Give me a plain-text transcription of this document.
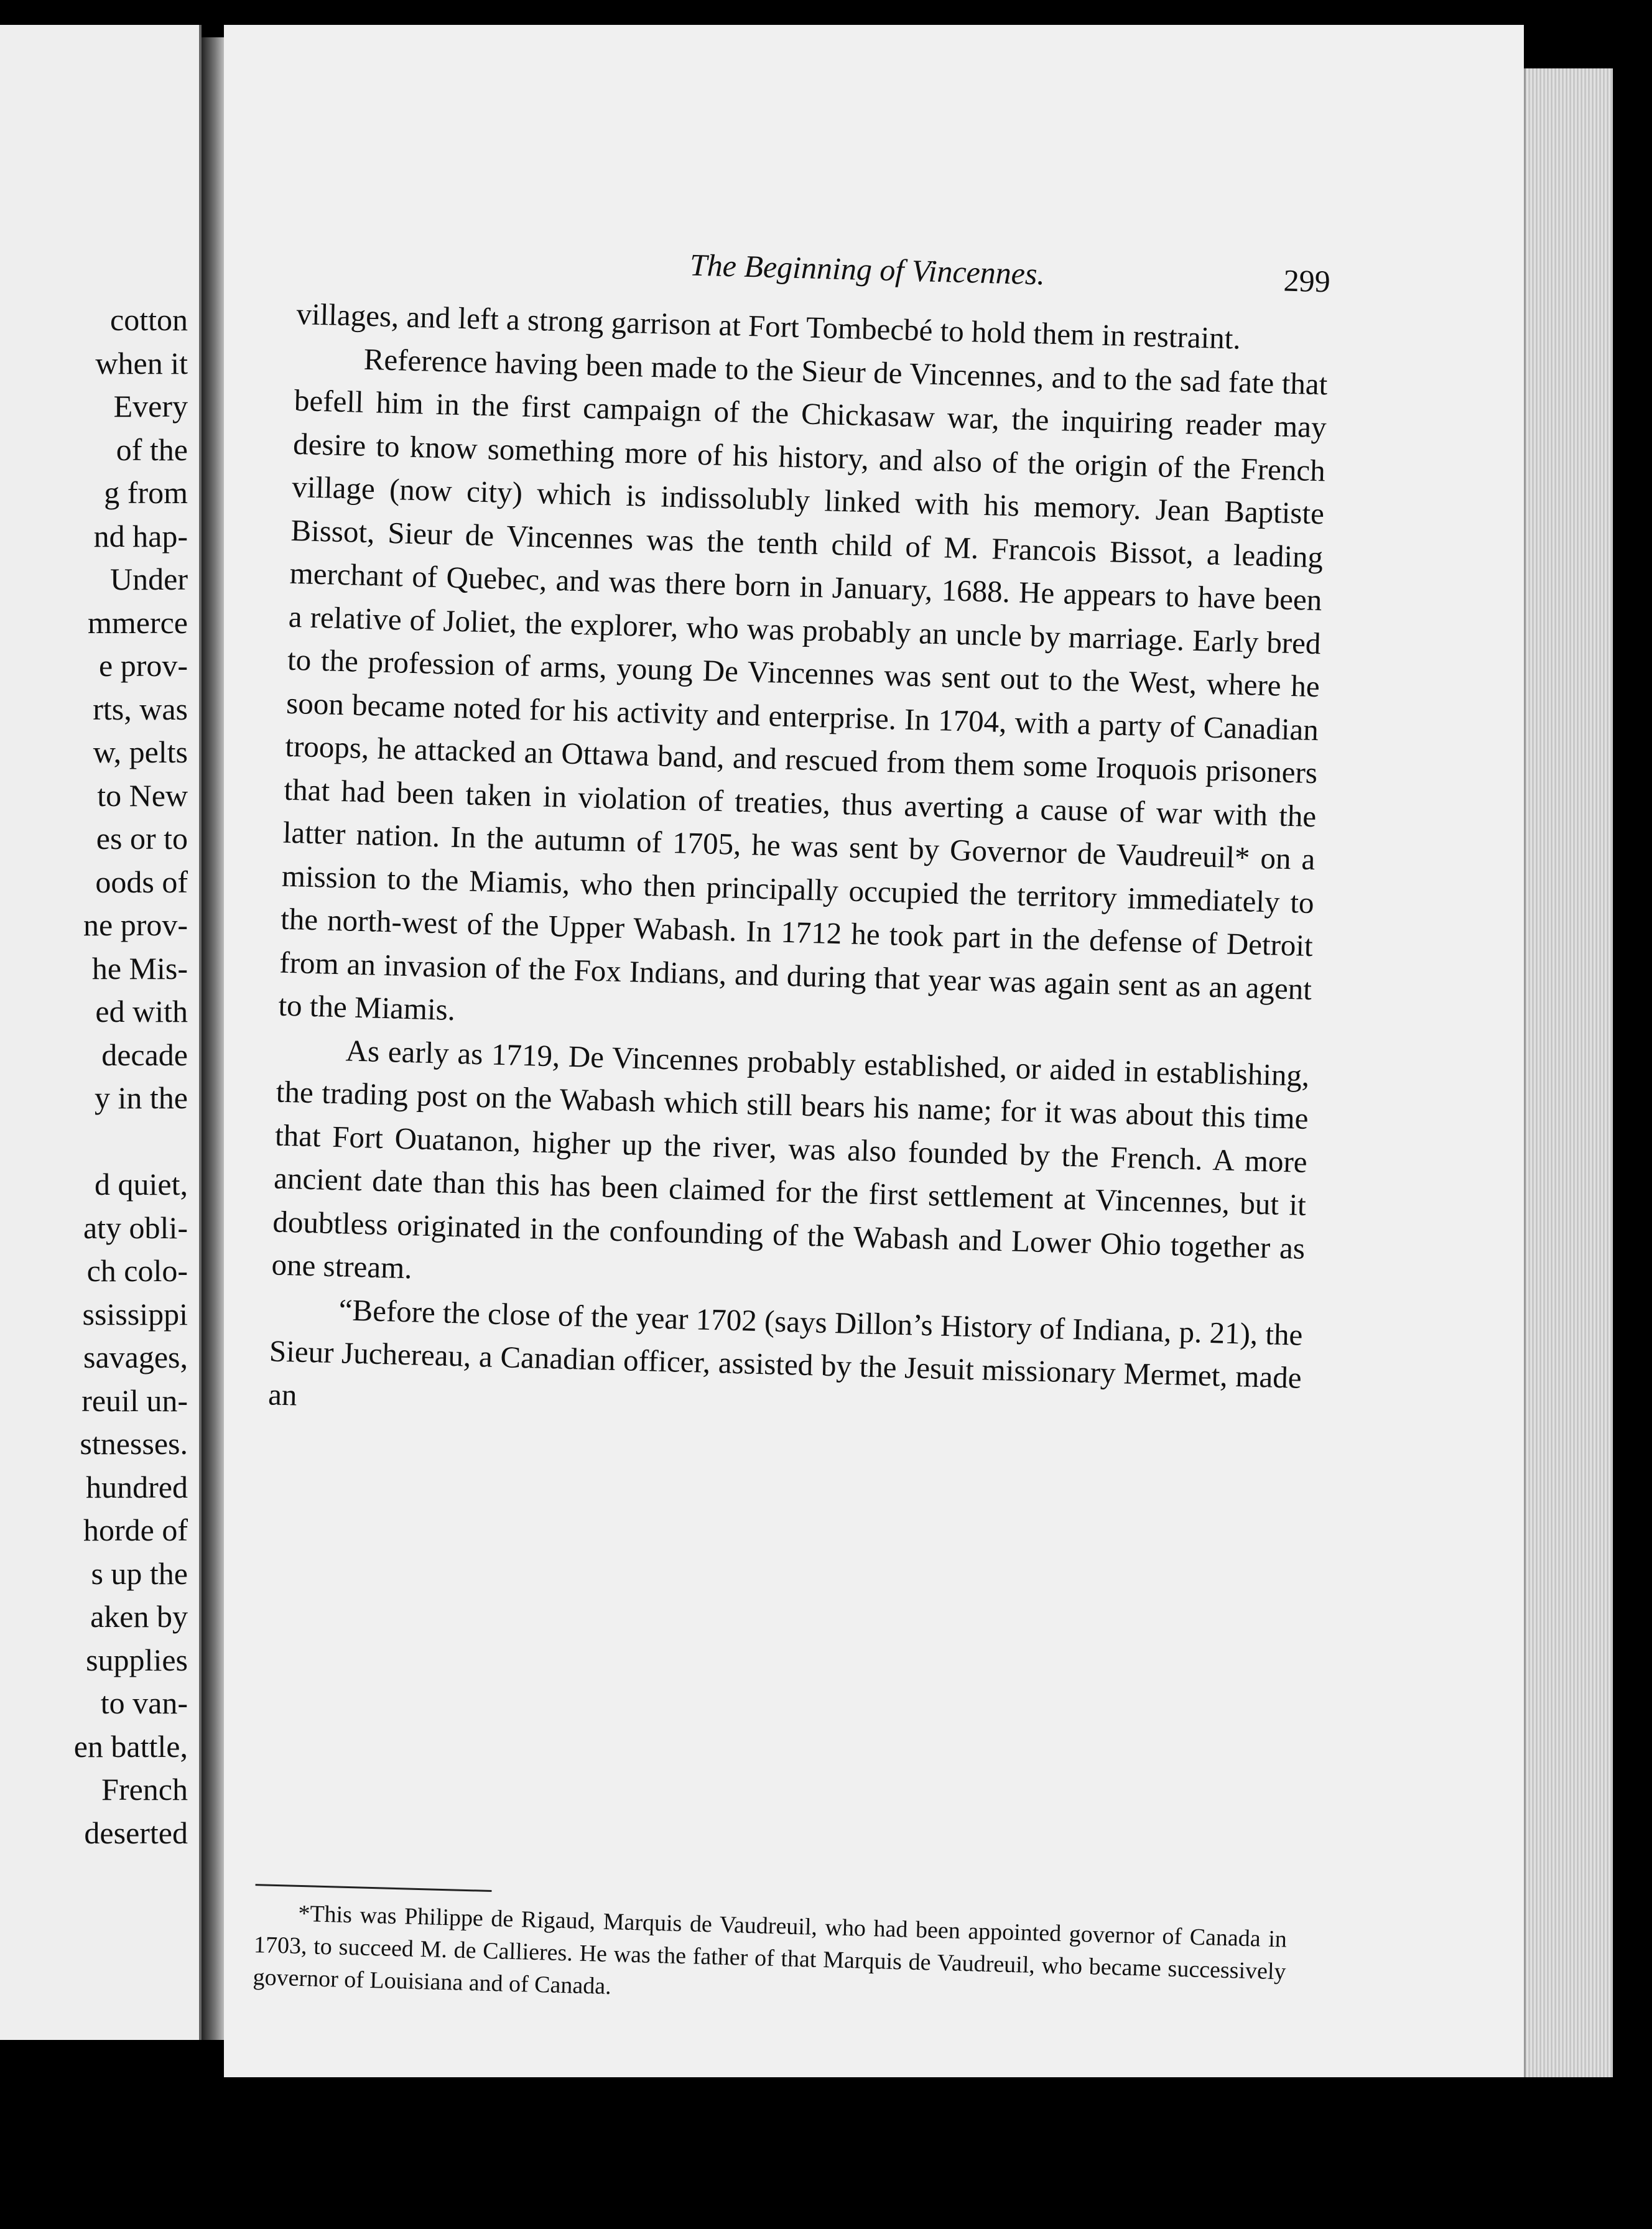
cotton
when it
Every
of the
g from
nd hap-
Under
mmerce
e prov-
rts, was
w, pelts
to New
es or to
oods of
ne prov-
he Mis-
ed with
decade
y in the
d quiet,
aty obli-
ch colo-
ssissippi
savages,
reuil un-
stnesses.
hundred
horde of
s up the
aken by
supplies
to van-
en battle,
French
deserted
The Beginning of Vincennes.	299

villages, and left a strong garrison at Fort Tombecbé to hold them in restraint.

Reference having been made to the Sieur de Vincennes, and to the sad fate that befell him in the first campaign of the Chickasaw war, the inquiring reader may desire to know something more of his history, and also of the origin of the French village (now city) which is indissolubly linked with his memory. Jean Baptiste Bissot, Sieur de Vincennes was the tenth child of M. Francois Bissot, a leading merchant of Quebec, and was there born in January, 1688. He appears to have been a relative of Joliet, the explorer, who was probably an uncle by marriage. Early bred to the profession of arms, young De Vincennes was sent out to the West, where he soon became noted for his activity and enterprise. In 1704, with a party of Canadian troops, he attacked an Ottawa band, and rescued from them some Iroquois prisoners that had been taken in violation of treaties, thus averting a cause of war with the latter nation. In the autumn of 1705, he was sent by Governor de Vaudreuil* on a mission to the Miamis, who then principally occupied the territory immediately to the north-west of the Upper Wabash. In 1712 he took part in the defense of Detroit from an invasion of the Fox Indians, and during that year was again sent as an agent to the Miamis.

As early as 1719, De Vincennes probably established, or aided in establishing, the trading post on the Wabash which still bears his name; for it was about this time that Fort Ouatanon, higher up the river, was also founded by the French. A more ancient date than this has been claimed for the first settlement at Vincennes, but it doubtless originated in the confounding of the Wabash and Lower Ohio together as one stream.

“Before the close of the year 1702 (says Dillon’s History of Indiana, p. 21), the Sieur Juchereau, a Canadian officer, assisted by the Jesuit missionary Mermet, made an

*This was Philippe de Rigaud, Marquis de Vaudreuil, who had been appointed governor of Canada in 1703, to succeed M. de Callieres. He was the father of that Marquis de Vaudreuil, who became successively governor of Louisiana and of Canada.
